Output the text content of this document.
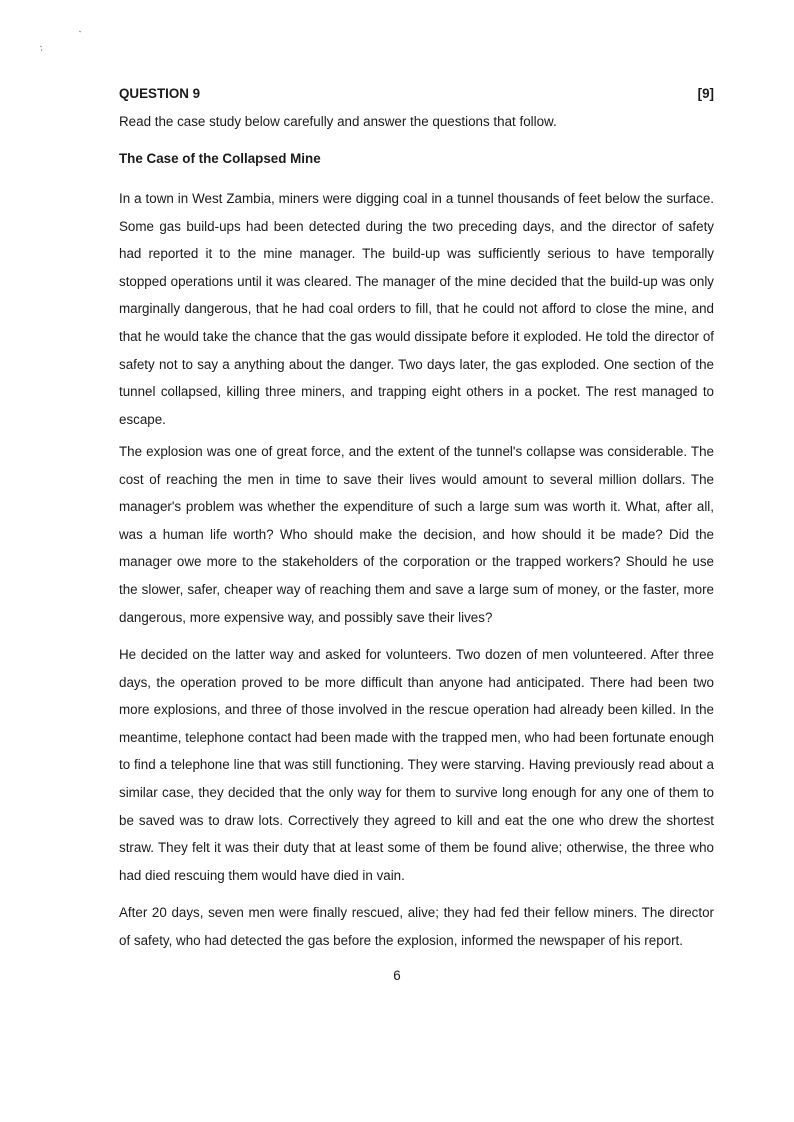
QUESTION 9	[9]
Read the case study below carefully and answer the questions that follow.
The Case of the Collapsed Mine

In a town in West Zambia, miners were digging coal in a tunnel thousands of feet below the surface. Some gas build-ups had been detected during the two preceding days, and the director of safety had reported it to the mine manager. The build-up was sufficiently serious to have temporally stopped operations until it was cleared. The manager of the mine decided that the build-up was only marginally dangerous, that he had coal orders to fill, that he could not afford to close the mine, and that he would take the chance that the gas would dissipate before it exploded. He told the director of safety not to say a anything about the danger. Two days later, the gas exploded. One section of the tunnel collapsed, killing three miners, and trapping eight others in a pocket. The rest managed to escape.

The explosion was one of great force, and the extent of the tunnel's collapse was considerable. The cost of reaching the men in time to save their lives would amount to several million dollars. The manager's problem was whether the expenditure of such a large sum was worth it. What, after all, was a human life worth? Who should make the decision, and how should it be made? Did the manager owe more to the stakeholders of the corporation or the trapped workers? Should he use the slower, safer, cheaper way of reaching them and save a large sum of money, or the faster, more dangerous, more expensive way, and possibly save their lives?

He decided on the latter way and asked for volunteers. Two dozen of men volunteered. After three days, the operation proved to be more difficult than anyone had anticipated. There had been two more explosions, and three of those involved in the rescue operation had already been killed. In the meantime, telephone contact had been made with the trapped men, who had been fortunate enough to find a telephone line that was still functioning. They were starving. Having previously read about a similar case, they decided that the only way for them to survive long enough for any one of them to be saved was to draw lots. Correctively they agreed to kill and eat the one who drew the shortest straw. They felt it was their duty that at least some of them be found alive; otherwise, the three who had died rescuing them would have died in vain.

After 20 days, seven men were finally rescued, alive; they had fed their fellow miners. The director of safety, who had detected the gas before the explosion, informed the newspaper of his report.

6
